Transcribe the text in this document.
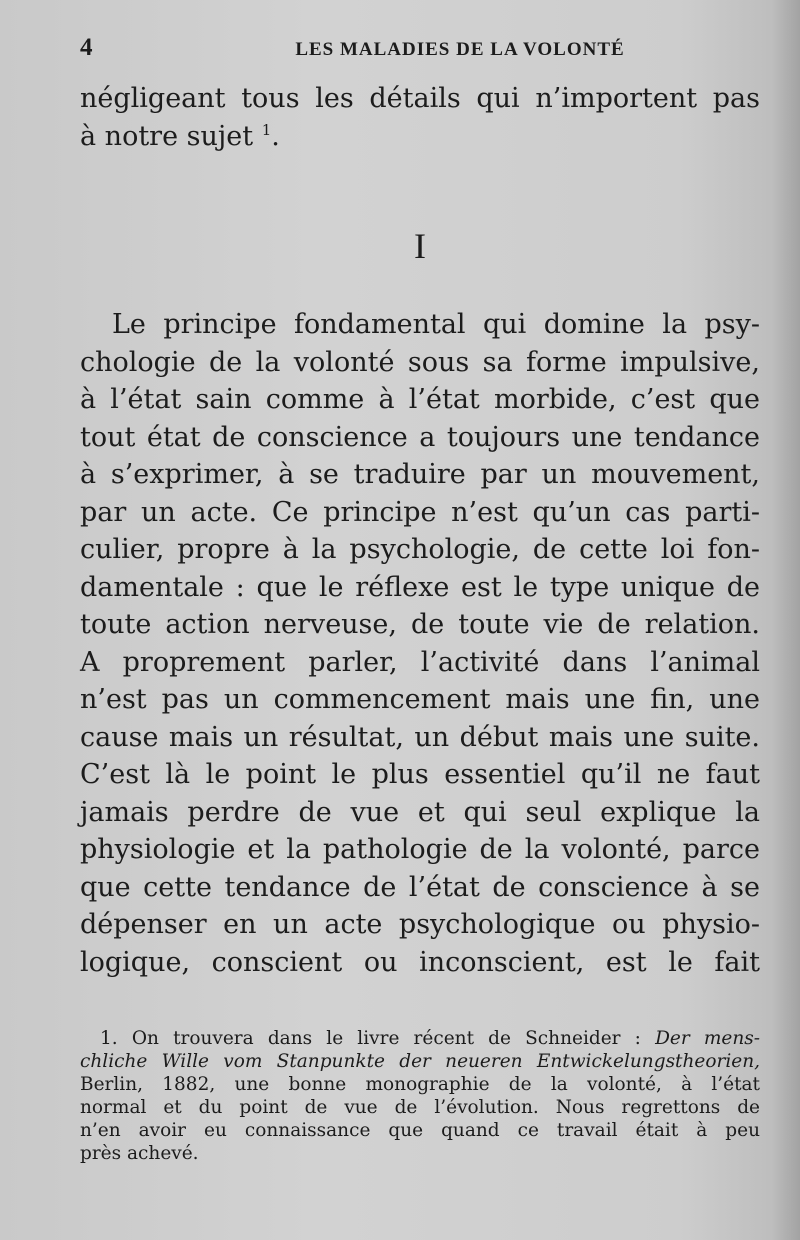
4	LES MALADIES DE LA VOLONTÉ
négligeant tous les détails qui n’importent pas
à notre sujet $^1$.
I
Le principe fondamental qui domine la psy-
chologie de la volonté sous sa forme impulsive,
à l’état sain comme à l’état morbide, c’est que
tout état de conscience a toujours une tendance
à s’exprimer, à se traduire par un mouvement,
par un acte. Ce principe n’est qu’un cas parti-
culier, propre à la psychologie, de cette loi fon-
damentale : que le réflexe est le type unique de
toute action nerveuse, de toute vie de relation.
A proprement parler, l’activité dans l’animal
n’est pas un commencement mais une fin, une
cause mais un résultat, un début mais une suite.
C’est là le point le plus essentiel qu’il ne faut
jamais perdre de vue et qui seul explique la
physiologie et la pathologie de la volonté, parce
que cette tendance de l’état de conscience à se
dépenser en un acte psychologique ou physio-
logique, conscient ou inconscient, est le fait
1. On trouvera dans le livre récent de Schneider : Der mens-
chliche Wille vom Stanpunkte der neueren Entwickelungstheorien,
Berlin, 1882, une bonne monographie de la volonté, à l’état
normal et du point de vue de l’évolution. Nous regrettons de
n’en avoir eu connaissance que quand ce travail était à peu
près achevé.
